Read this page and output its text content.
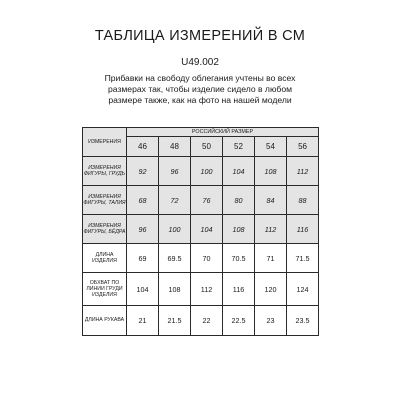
ТАБЛИЦА ИЗМЕРЕНИЙ В СМ
U49.002
Прибавки на свободу облегания учтены во всех
размерах так, чтобы изделие сидело в любом
размере также, как на фото на нашей модели
ИЗМЕРЕНИЯ	РОССИЙСКИЙ РАЗМЕР					
	46	48	50	52	54	56
ИЗМЕРЕНИЯ
ФИГУРЫ, ГРУДЬ	92	96	100	104	108	112
ИЗМЕРЕНИЯ
ФИГУРЫ, ТАЛИЯ	68	72	76	80	84	88
ИЗМЕРЕНИЯ
ФИГУРЫ, БЁДРА	96	100	104	108	112	116
ДЛИНА ИЗДЕЛИЯ	69	69.5	70	70.5	71	71.5
ОБХВАТ ПО
ЛИНИИ ГРУДИ
ИЗДЕЛИЯ	104	108	112	116	120	124
ДЛИНА РУКАВА	21	21.5	22	22.5	23	23.5
